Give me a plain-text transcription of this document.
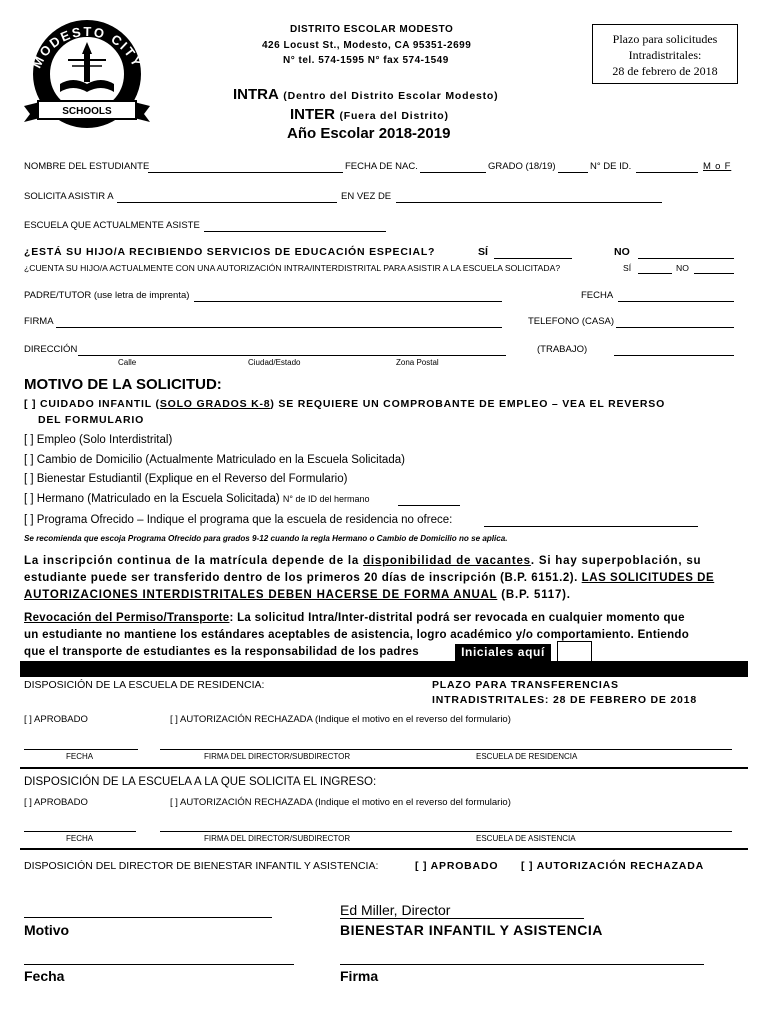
MODESTO CITY
SCHOOLS
DISTRITO ESCOLAR MODESTO
426 Locust St., Modesto, CA 95351-2699
N° tel. 574-1595 N° fax 574-1549
Plazo para solicitudes
Intradistritales:
28 de febrero de 2018
INTRA (Dentro del Distrito Escolar Modesto)
INTER (Fuera del Distrito)
Año Escolar 2018-2019
NOMBRE DEL ESTUDIANTE	FECHA DE NAC.	GRADO (18/19)	N° DE ID.	M o F
SOLICITA ASISTIR A	EN VEZ DE
ESCUELA QUE ACTUALMENTE ASISTE
¿ESTÁ SU HIJO/A RECIBIENDO SERVICIOS DE EDUCACIÓN ESPECIAL?	SÍ	NO
¿CUENTA SU HIJO/A ACTUALMENTE CON UNA AUTORIZACIÓN INTRA/INTERDISTRITAL PARA ASISTIR A LA ESCUELA SOLICITADA?	SÍ	NO
PADRE/TUTOR (use letra de imprenta)	FECHA
FIRMA	TELEFONO (CASA)
DIRECCIÓN	(TRABAJO)
Calle	Ciudad/Estado	Zona Postal
MOTIVO DE LA SOLICITUD:
[ ] CUIDADO INFANTIL (SOLO GRADOS K-8) SE REQUIERE UN COMPROBANTE DE EMPLEO – VEA EL REVERSO
DEL FORMULARIO
[ ] Empleo (Solo Interdistrital)
[ ] Cambio de Domicilio (Actualmente Matriculado en la Escuela Solicitada)
[ ] Bienestar Estudiantil (Explique en el Reverso del Formulario)
[ ] Hermano (Matriculado en la Escuela Solicitada) N° de ID del hermano
[ ] Programa Ofrecido – Indique el programa que la escuela de residencia no ofrece:
Se recomienda que escoja Programa Ofrecido para grados 9-12 cuando la regla Hermano o Cambio de Domicilio no se aplica.
La inscripción continua de la matrícula depende de la disponibilidad de vacantes. Si hay superpoblación, su
estudiante puede ser transferido dentro de los primeros 20 días de inscripción (B.P. 6151.2). LAS SOLICITUDES DE
AUTORIZACIONES INTERDISTRITALES DEBEN HACERSE DE FORMA ANUAL (B.P. 5117).
Revocación del Permiso/Transporte: La solicitud Intra/Inter-distrital podrá ser revocada en cualquier momento que
un estudiante no mantiene los estándares aceptables de asistencia, logro académico y/o comportamiento. Entiendo
que el transporte de estudiantes es la responsabilidad de los padres	Iniciales aquí
DISPOSICIÓN DE LA ESCUELA DE RESIDENCIA:	PLAZO PARA TRANSFERENCIAS
INTRADISTRITALES: 28 DE FEBRERO DE 2018
[ ] APROBADO	[ ] AUTORIZACIÓN RECHAZADA (Indique el motivo en el reverso del formulario)
FECHA	FIRMA DEL DIRECTOR/SUBDIRECTOR	ESCUELA DE RESIDENCIA
DISPOSICIÓN DE LA ESCUELA A LA QUE SOLICITA EL INGRESO:
[ ] APROBADO	[ ] AUTORIZACIÓN RECHAZADA (Indique el motivo en el reverso del formulario)
FECHA	FIRMA DEL DIRECTOR/SUBDIRECTOR	ESCUELA DE ASISTENCIA
DISPOSICIÓN DEL DIRECTOR DE BIENESTAR INFANTIL Y ASISTENCIA:	[ ] APROBADO [ ] AUTORIZACIÓN RECHAZADA
Ed Miller, Director
Motivo	BIENESTAR INFANTIL Y ASISTENCIA
Fecha	Firma
